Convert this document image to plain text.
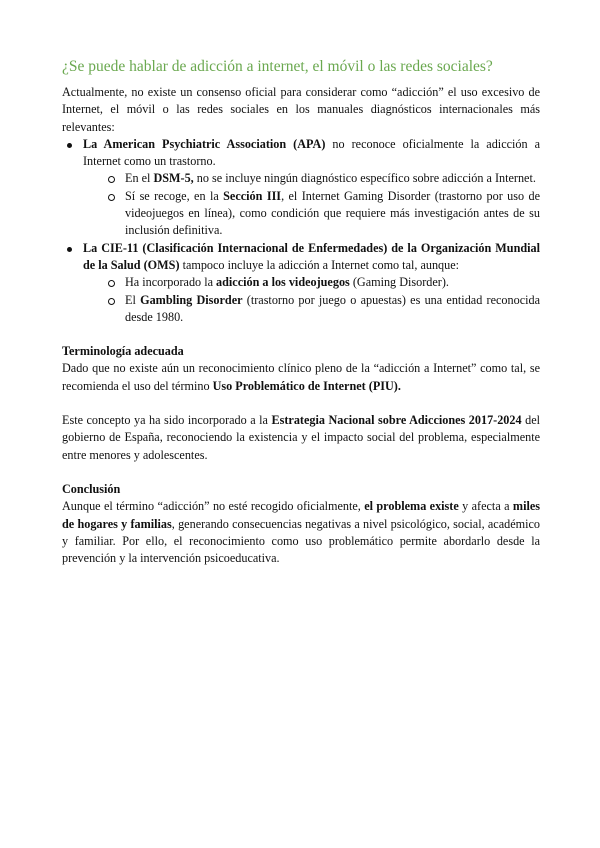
¿Se puede hablar de adicción a internet, el móvil o las redes sociales?

Actualmente, no existe un consenso oficial para considerar como “adicción” el uso excesivo de Internet, el móvil o las redes sociales en los manuales diagnósticos internacionales más relevantes:

La American Psychiatric Association (APA) no reconoce oficialmente la adicción a Internet como un trastorno.
En el DSM-5, no se incluye ningún diagnóstico específico sobre adicción a Internet.
Sí se recoge, en la Sección III, el Internet Gaming Disorder (trastorno por uso de videojuegos en línea), como condición que requiere más investigación antes de su inclusión definitiva.
La CIE-11 (Clasificación Internacional de Enfermedades) de la Organización Mundial de la Salud (OMS) tampoco incluye la adicción a Internet como tal, aunque:
Ha incorporado la adicción a los videojuegos (Gaming Disorder).
El Gambling Disorder (trastorno por juego o apuestas) es una entidad reconocida desde 1980.

Terminología adecuada

Dado que no existe aún un reconocimiento clínico pleno de la “adicción a Internet” como tal, se recomienda el uso del término Uso Problemático de Internet (PIU).

Este concepto ya ha sido incorporado a la Estrategia Nacional sobre Adicciones 2017-2024 del gobierno de España, reconociendo la existencia y el impacto social del problema, especialmente entre menores y adolescentes.

Conclusión

Aunque el término “adicción” no esté recogido oficialmente, el problema existe y afecta a miles de hogares y familias, generando consecuencias negativas a nivel psicológico, social, académico y familiar. Por ello, el reconocimiento como uso problemático permite abordarlo desde la prevención y la intervención psicoeducativa.
